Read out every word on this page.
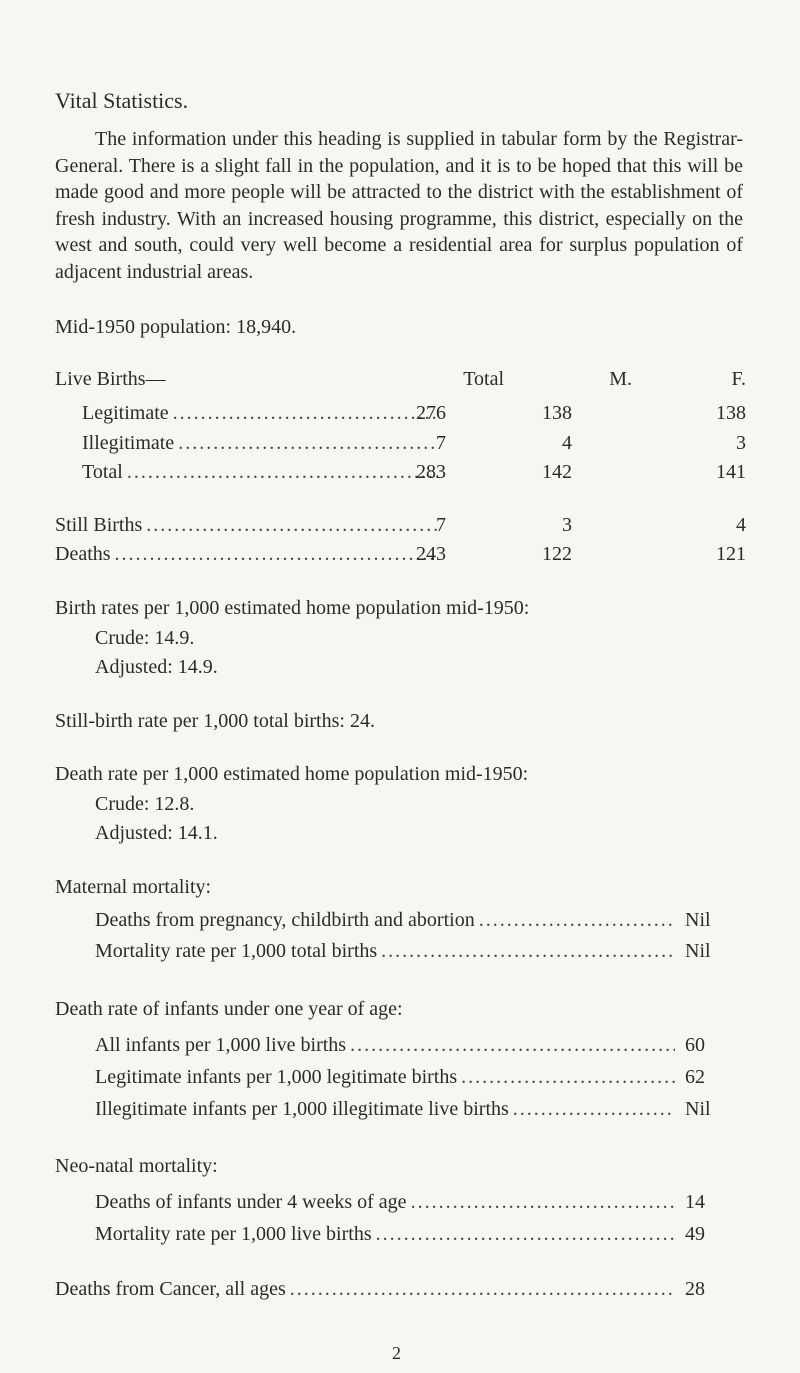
Vital Statistics.
The information under this heading is supplied in tabular form by the Registrar-General. There is a slight fall in the population, and it is to be hoped that this will be made good and more people will be attracted to the district with the establishment of fresh industry. With an increased housing programme, this district, especially on the west and south, could very well become a residential area for surplus population of adjacent industrial areas.
Mid-1950 population: 18,940.
Live Births—	Total	M.	F.
Legitimate .....	276	138	138
Illegitimate .....	7	4	3
Total .....	283	142	141
Still Births .....	7	3	4
Deaths .....	243	122	121
Birth rates per 1,000 estimated home population mid-1950:
Crude: 14.9.
Adjusted: 14.9.
Still-birth rate per 1,000 total births: 24.
Death rate per 1,000 estimated home population mid-1950:
Crude: 12.8.
Adjusted: 14.1.
Maternal mortality:
Deaths from pregnancy, childbirth and abortion .....	Nil
Mortality rate per 1,000 total births .....	Nil
Death rate of infants under one year of age:
All infants per 1,000 live births .....	60
Legitimate infants per 1,000 legitimate births .....	62
Illegitimate infants per 1,000 illegitimate live births .....	Nil
Neo-natal mortality:
Deaths of infants under 4 weeks of age .....	14
Mortality rate per 1,000 live births .....	49
Deaths from Cancer, all ages .....	28
2
